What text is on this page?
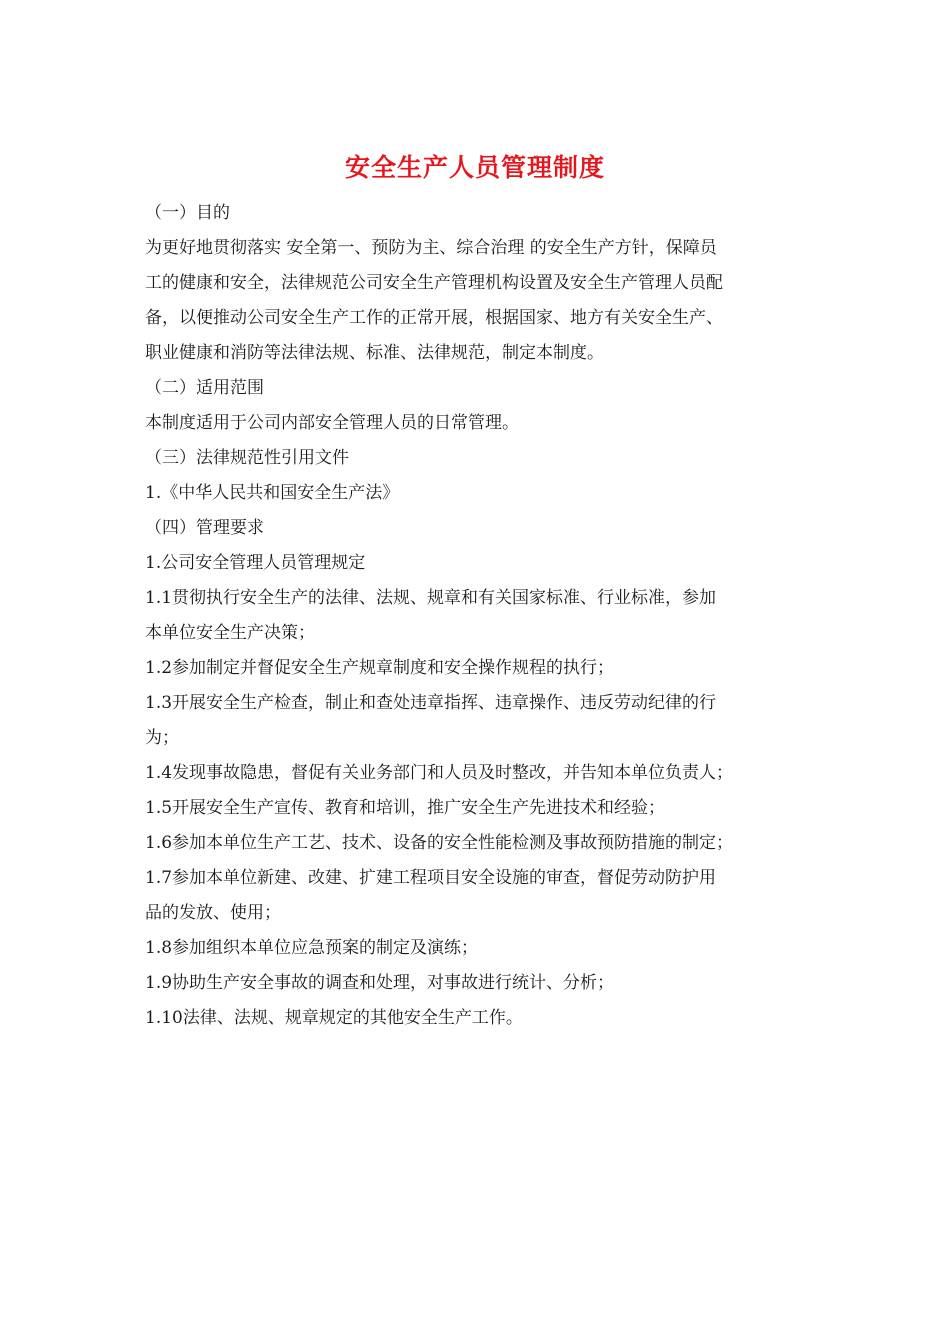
安全生产人员管理制度
（一）目的
为更好地贯彻落实 安全第一、预防为主、综合治理 的安全生产方针，保障员
工的健康和安全，法律规范公司安全生产管理机构设置及安全生产管理人员配
备，以便推动公司安全生产工作的正常开展，根据国家、地方有关安全生产、
职业健康和消防等法律法规、标准、法律规范，制定本制度。
（二）适用范围
本制度适用于公司内部安全管理人员的日常管理。
（三）法律规范性引用文件
1.《中华人民共和国安全生产法》
（四）管理要求
1.公司安全管理人员管理规定
1.1贯彻执行安全生产的法律、法规、规章和有关国家标准、行业标准，参加
本单位安全生产决策；
1.2参加制定并督促安全生产规章制度和安全操作规程的执行；
1.3开展安全生产检查，制止和查处违章指挥、违章操作、违反劳动纪律的行
为；
1.4发现事故隐患，督促有关业务部门和人员及时整改，并告知本单位负责人；
1.5开展安全生产宣传、教育和培训，推广安全生产先进技术和经验；
1.6参加本单位生产工艺、技术、设备的安全性能检测及事故预防措施的制定；
1.7参加本单位新建、改建、扩建工程项目安全设施的审查，督促劳动防护用
品的发放、使用；
1.8参加组织本单位应急预案的制定及演练；
1.9协助生产安全事故的调查和处理，对事故进行统计、分析；
1.10法律、法规、规章规定的其他安全生产工作。
